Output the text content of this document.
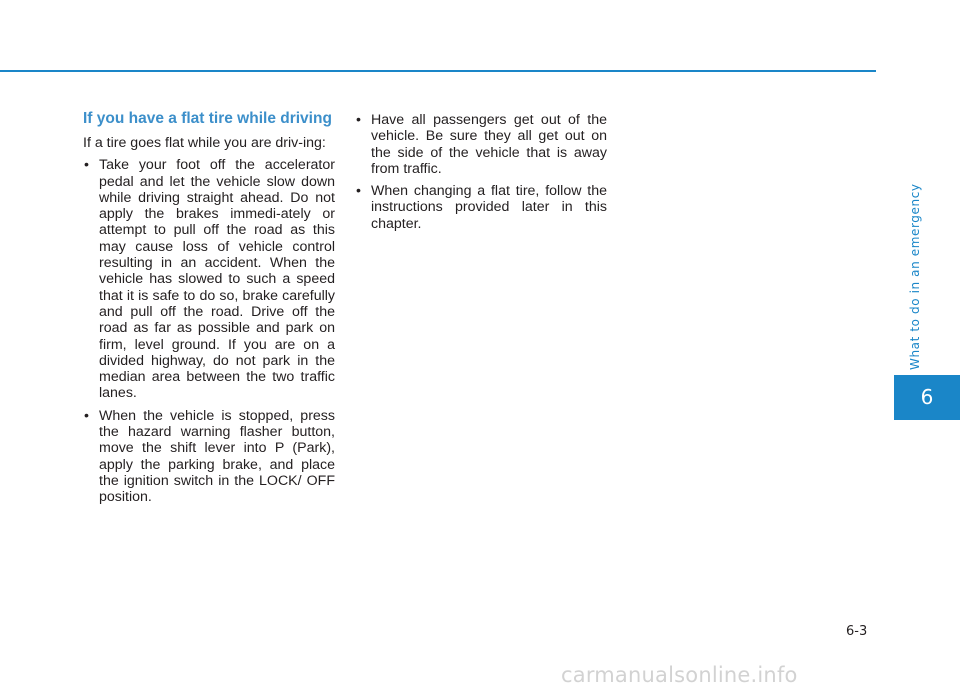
What to do in an emergency
6
If you have a flat tire while driving
If a tire goes flat while you are driv-ing:
• Take your foot off the accelerator pedal and let the vehicle slow down while driving straight ahead. Do not apply the brakes immedi-ately or attempt to pull off the road as this may cause loss of vehicle control resulting in an accident. When the vehicle has slowed to such a speed that it is safe to do so, brake carefully and pull off the road. Drive off the road as far as possible and park on firm, level ground. If you are on a divided highway, do not park in the median area between the two traffic lanes.
• When the vehicle is stopped, press the hazard warning flasher button, move the shift lever into P (Park), apply the parking brake, and place the ignition switch in the LOCK/ OFF position.
• Have all passengers get out of the vehicle. Be sure they all get out on the side of the vehicle that is away from traffic.
• When changing a flat tire, follow the instructions provided later in this chapter.
6-3
carmanualsonline.info
